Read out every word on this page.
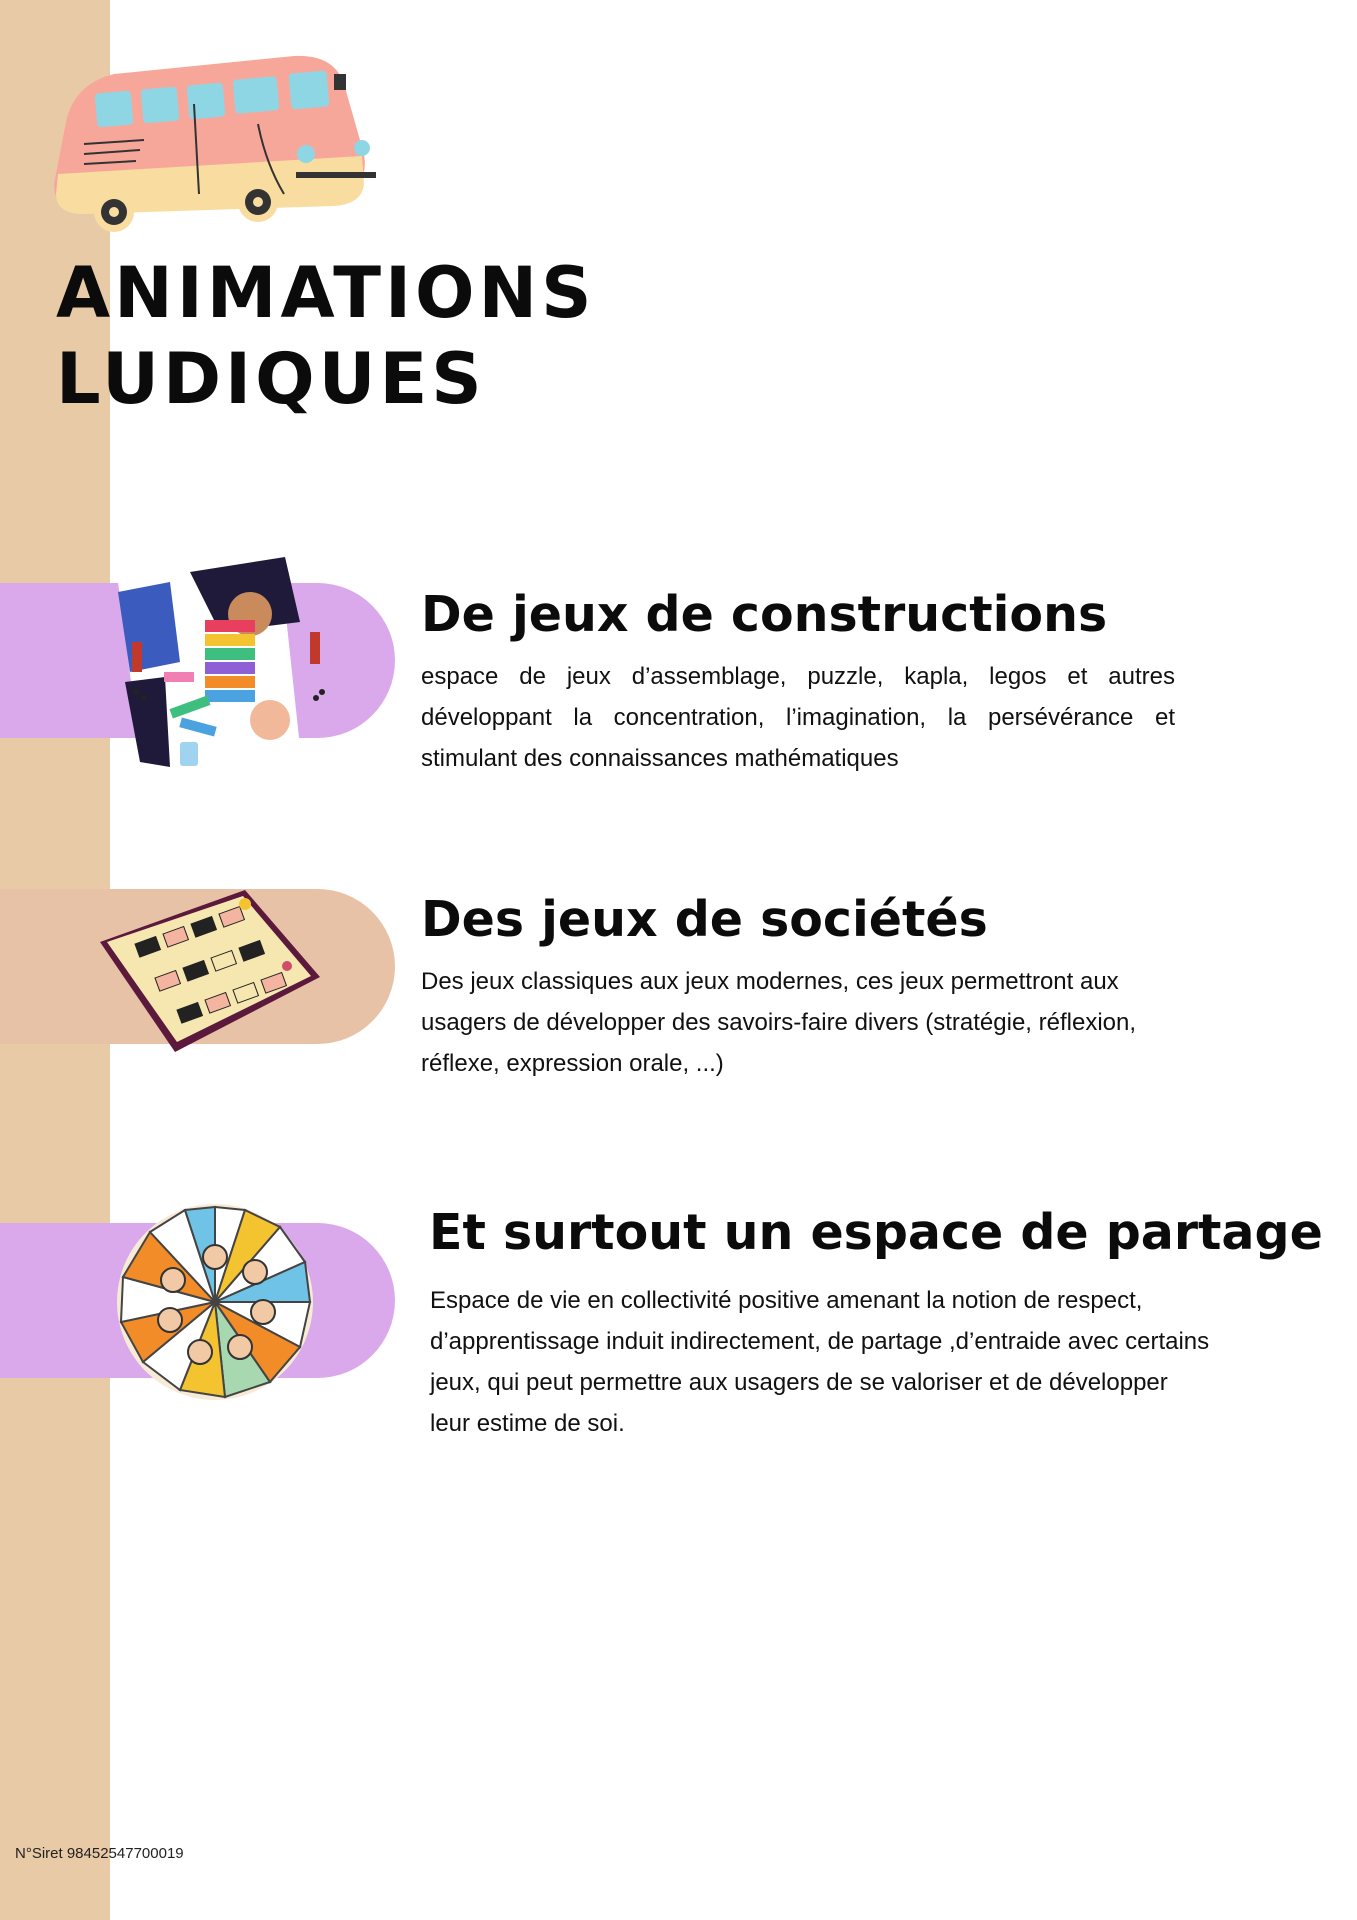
ANIMATIONS
LUDIQUES
De jeux de constructions

espace de jeux d’assemblage, puzzle, kapla, legos et autres développant la concentration, l’imagination, la persévérance et stimulant des connaissances mathématiques

Des jeux de sociétés

Des jeux classiques aux jeux modernes, ces jeux permettront aux usagers de développer des savoirs-faire divers (stratégie, réflexion, réflexe, expression orale, ...)

Et surtout un espace de partage

Espace de vie en collectivité positive amenant la notion de respect, d’apprentissage induit indirectement, de partage ,d’entraide avec certains jeux, qui peut permettre aux usagers de se valoriser et de développer leur estime de soi.

N°Siret 98452547700019
